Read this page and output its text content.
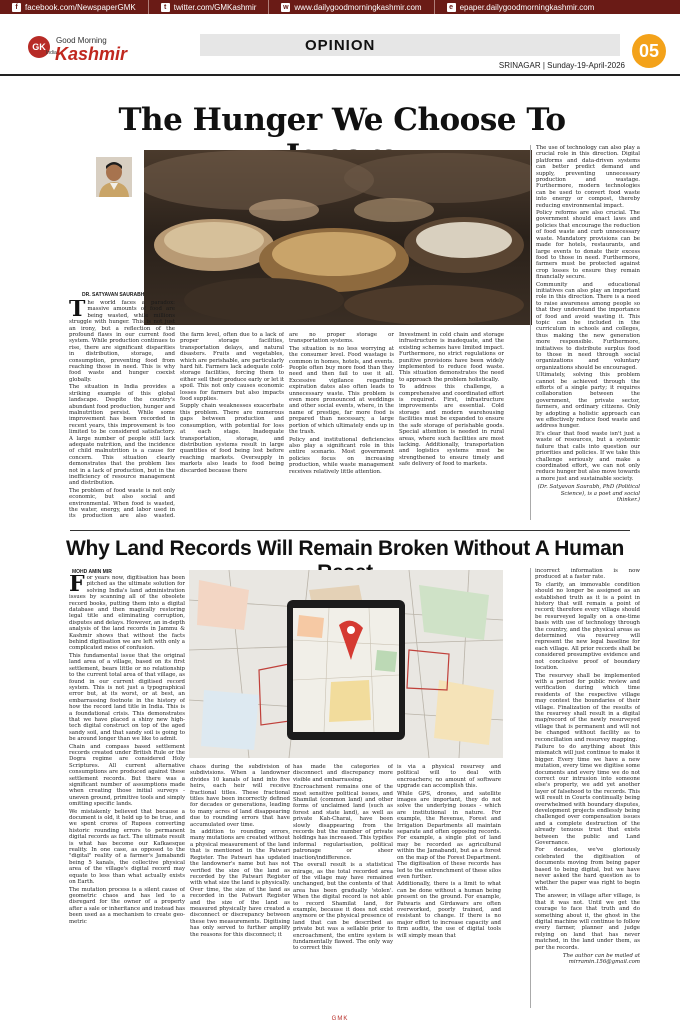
f facebook.com/NewspaperGMK	t twitter.com/GMKashmir	w www.dailygoodmorningkashmir.com	e epaper.dailygoodmorningkashmir.com
GK
Good Morning
Kashmir
India	OPINION
SRINAGAR | Sunday-19-April-2026
05
The Hunger We Choose To
DR. SATYAVAN SAURABH
T he world faces a paradox: massive amounts of food are being wasted, while millions struggle with hunger. This is not just an irony, but a reflection of the profound flaws in our current food system. While production continues to rise, there are significant disparities in distribution, storage, and consumption, preventing food from reaching those in need. This is why food waste and hunger coexist globally.

The situation in India provides a striking example of this global landscape. Despite the country's abundant food production, hunger and malnutrition persist. While some improvement has been recorded in recent years, this improvement is too limited to be considered satisfactory. A large number of people still lack adequate nutrition, and the incidence of child malnutrition is a cause for concern. This situation clearly demonstrates that the problem lies not in a lack of production, but in the inefficiency of resource management and distribution.

The problem of food waste is not only economic, but also social and environmental. When food is wasted, the water, energy, and labor used in its production are also wasted.

the farm level, often due to a lack of proper storage facilities, transportation delays, and natural disasters. Fruits and vegetables, which are perishable, are particularly hard hit. Farmers lack adequate cold-storage facilities, forcing them to either sell their produce early or let it spoil. This not only causes economic losses for farmers but also impacts food supplies.

Supply chain weaknesses exacerbate this problem. There are numerous gaps between production and consumption, with potential for loss at each stage. Inadequate transportation, storage, and distribution systems result in large quantities of food being lost before reaching markets. Oversupply in markets also leads to food being discarded because there

are no proper storage or transportation systems.

The situation is no less worrying at the consumer level. Food wastage is common in homes, hotels, and events. People often buy more food than they need and then fail to use it all. Excessive vigilance regarding expiration dates also often leads to unnecessary waste. This problem is even more pronounced at weddings and other social events, where, in the name of prestige, far more food is prepared than necessary, a large portion of which ultimately ends up in the trash.

Policy and institutional deficiencies also play a significant role in this entire scenario. Most government policies focus on increasing production, while waste management receives relatively little attention.

Investment in cold chain and storage infrastructure is inadequate, and the existing schemes have limited impact. Furthermore, no strict regulations or punitive provisions have been widely implemented to reduce food waste. This situation demonstrates the need to approach the problem holistically.

To address this challenge, a comprehensive and coordinated effort is required. First, infrastructure improvements are essential. Cold storage and modern warehousing facilities must be expanded to ensure the safe storage of perishable goods. Special attention is needed in rural areas, where such facilities are most lacking. Additionally, transportation and logistics systems must be strengthened to ensure timely and safe delivery of food to markets.

The use of technology can also play a crucial role in this direction. Digital platforms and data-driven systems can better predict demand and supply, preventing unnecessary production and wastage. Furthermore, modern technologies can be used to convert food waste into energy or compost, thereby reducing environmental impact.

Policy reforms are also crucial. The government should enact laws and policies that encourage the reduction of food waste and curb unnecessary waste. Mandatory provisions can be made for hotels, restaurants, and large events to donate their excess food to those in need. Furthermore, farmers must be protected against crop losses to ensure they remain financially secure.

Community and educational initiatives can also play an important role in this direction. There is a need to raise awareness among people so that they understand the importance of food and avoid wasting it. This topic can be included in the curriculum in schools and colleges, thus making the new generation more responsible. Furthermore, initiatives to distribute surplus food to those in need through social organizations and voluntary organizations should be encouraged.

Ultimately, solving this problem cannot be achieved through the efforts of a single party; it requires collaboration between the government, the private sector, farmers, and ordinary citizens. Only by adopting a holistic approach can we effectively reduce food waste and address hunger.

It's clear that food waste isn't just a waste of resources, but a systemic failure that calls into question our priorities and policies. If we take this challenge seriously and make a coordinated effort, we can not only reduce hunger but also move towards a more just and sustainable society.

(Dr. Satyavan Saurabh, PhD (Political Science), is a poet and social thinker.)

Why Land Records Will Remain Broken Without A Human
MOHD AMIN MIR
F or years now, digitisation has been pitched as the ultimate solution for solving India's land administration issues by scanning all of the obsolete record books, putting them into a digital database and then magically restoring legal title and eliminating corruption, disputes and delays. However, an in-depth analysis of the land records in Jammu & Kashmir shows that without the facts behind digitisation we are left with only a complicated mess of confusion.

This fundamental issue that the original land area of a village, based on its first settlement, bears little or no relationship to the current total area of that village, as found in our current digitised record system. This is not just a typographical error but, at its worst, or at best, an embarrassing footnote in the history of how the record land title in India. This is a foundational crisis. This demonstrates that we have placed a shiny new high-tech digital construct on top of the aged sandy soil, and that sandy soil is going to be around longer than we like to admit.

Chain and compass based settlement records created under British Rule or the Dogra regime are considered Holy Scriptures. All current alternative consumptions are produced against these settlement records. But there was a significant number of assumptions made when creating those initial surveys - uneven ground, primitive tools and simply omitting specific lands.

We mistakenly believed that because a document is old, it held up to be true, and we spent crores of Rupees converting historic rounding errors to permanent digital records as fact. The ultimate result is what has become our Kafkaesque reality. In one case, as opposed to the "digital" reality of a farmer's Jamabandi being 5 kanals, the collective physical area of the village's digital record may equate to less than what actually exists on Earth.

The mutation process is a silent cause of geometric chaos and has led to a disregard for the owner of a property after a sale or inheritance and instead has been used as a mechanism to create geo-metric

chaos during the subdivision of subdivisions. When a landowner divides 10 kanals of land into five heirs, each heir will receive fractional titles. These fractional titles have been incorrectly defined for decades or generations, leading to many acres of land disappearing due to rounding errors that have accumulated over time.

In addition to rounding errors, many mutations are created without a physical measurement of the land that is mentioned in the Patwari Register. The Patwari has updated the landowner's name but has not verified the size of the land as recorded by the Patwari Register with what size the land is physically. Over time, the size of the land as recorded in the Patwari Register and the size of the land as measured physically have created a disconnect or discrepancy between these two measurements. Digitising has only served to further amplify the reasons for this disconnect; it

has made the categories of disconnect and discrepancy more visible and embarrassing.

Encroachment remains one of the most sensitive political issues, and Shamilat (common land) and other forms of unclaimed land (such as forest and state land), as well as private Kah-Charai, have been slowly disappearing from the records but the number of private holdings has increased. This typifies informal regularisation, political patronage or sheer inaction/indifference.

The overall result is a statistical mirage, as the total recorded area of the village may have remained unchanged, but the contents of that area has been gradually 'stolen'. When the digital record is not able to record Shamilat land, for example, because it does not exist anymore or the physical presence of land that can be described as private but was a sellable prior to encroachment, the entire system is fundamentally flawed. The only way to correct this

is via a physical resurvey and political will to deal with encroachers; no amount of software upgrade can accomplish this.

While GPS, drones, and satellite images are important, they do not solve the underlying issues - which are institutional in nature. For example, the Revenue, Forest and Irrigation Departments all maintain separate and often opposing records. For example, a single plot of land may be recorded as agricultural within the Jamabandi, but as a forest on the map of the Forest Department. The digitisation of these records has led to the entrenchment of these silos even further.

Additionally, there is a limit to what can be done without a human being present on the ground. For example, Patwaris and Girdawars are often overworked, poorly trained, and resistant to change. If there is no major effort to increase capacity and firm audits, the use of digital tools will simply mean that

incorrect information is now produced at a faster rate.

To clarify, an immovable condition should no longer be assigned as an established truth as it is a point in history that will remain a point of record; therefore every village should be resurveyed legally on a one-time basis with use of technology through the country, and the physical areas as determined via resurvey will represent the new legal baseline for each village. All prior records shall be considered presumptive evidence and not conclusive proof of boundary location.

The resurvey shall be implemented with a period for public review and verification during which time residents of the respective village may contest the boundaries of their village. Finalization of the results of the resurvey shall result in a digital map/record of the newly resurveyed village that is permanent and will not be changed without facility as to reconciliation and resurvey mapping.

Failure to do anything about this mismatch will just continue to make it bigger. Every time we have a new mutation, every time we digitise some documents and every time we do not correct our intrusion into someone else's property, we add yet another layer of falsehood to the records. This will result in Courts continually being overwhelmed with boundary disputes, development projects endlessly being challenged over compensation issues and a complete destruction of the already tenuous trust that exists between the public and Land Governance.

For decades, we've gloriously celebrated the digitisation of documents moving from being paper based to being digital, but we have never asked the hard question as to whether the paper was right to begin with.

The answer, in village after village, is that it was not. Until we get the courage to face that truth and do something about it, the ghost in the digital machine will continue to follow every farmer, planner and judge relying on land that has never matched, in the land under them, as per the records.

The author can be mailed at mirramin.156@gmail.com

GMK
